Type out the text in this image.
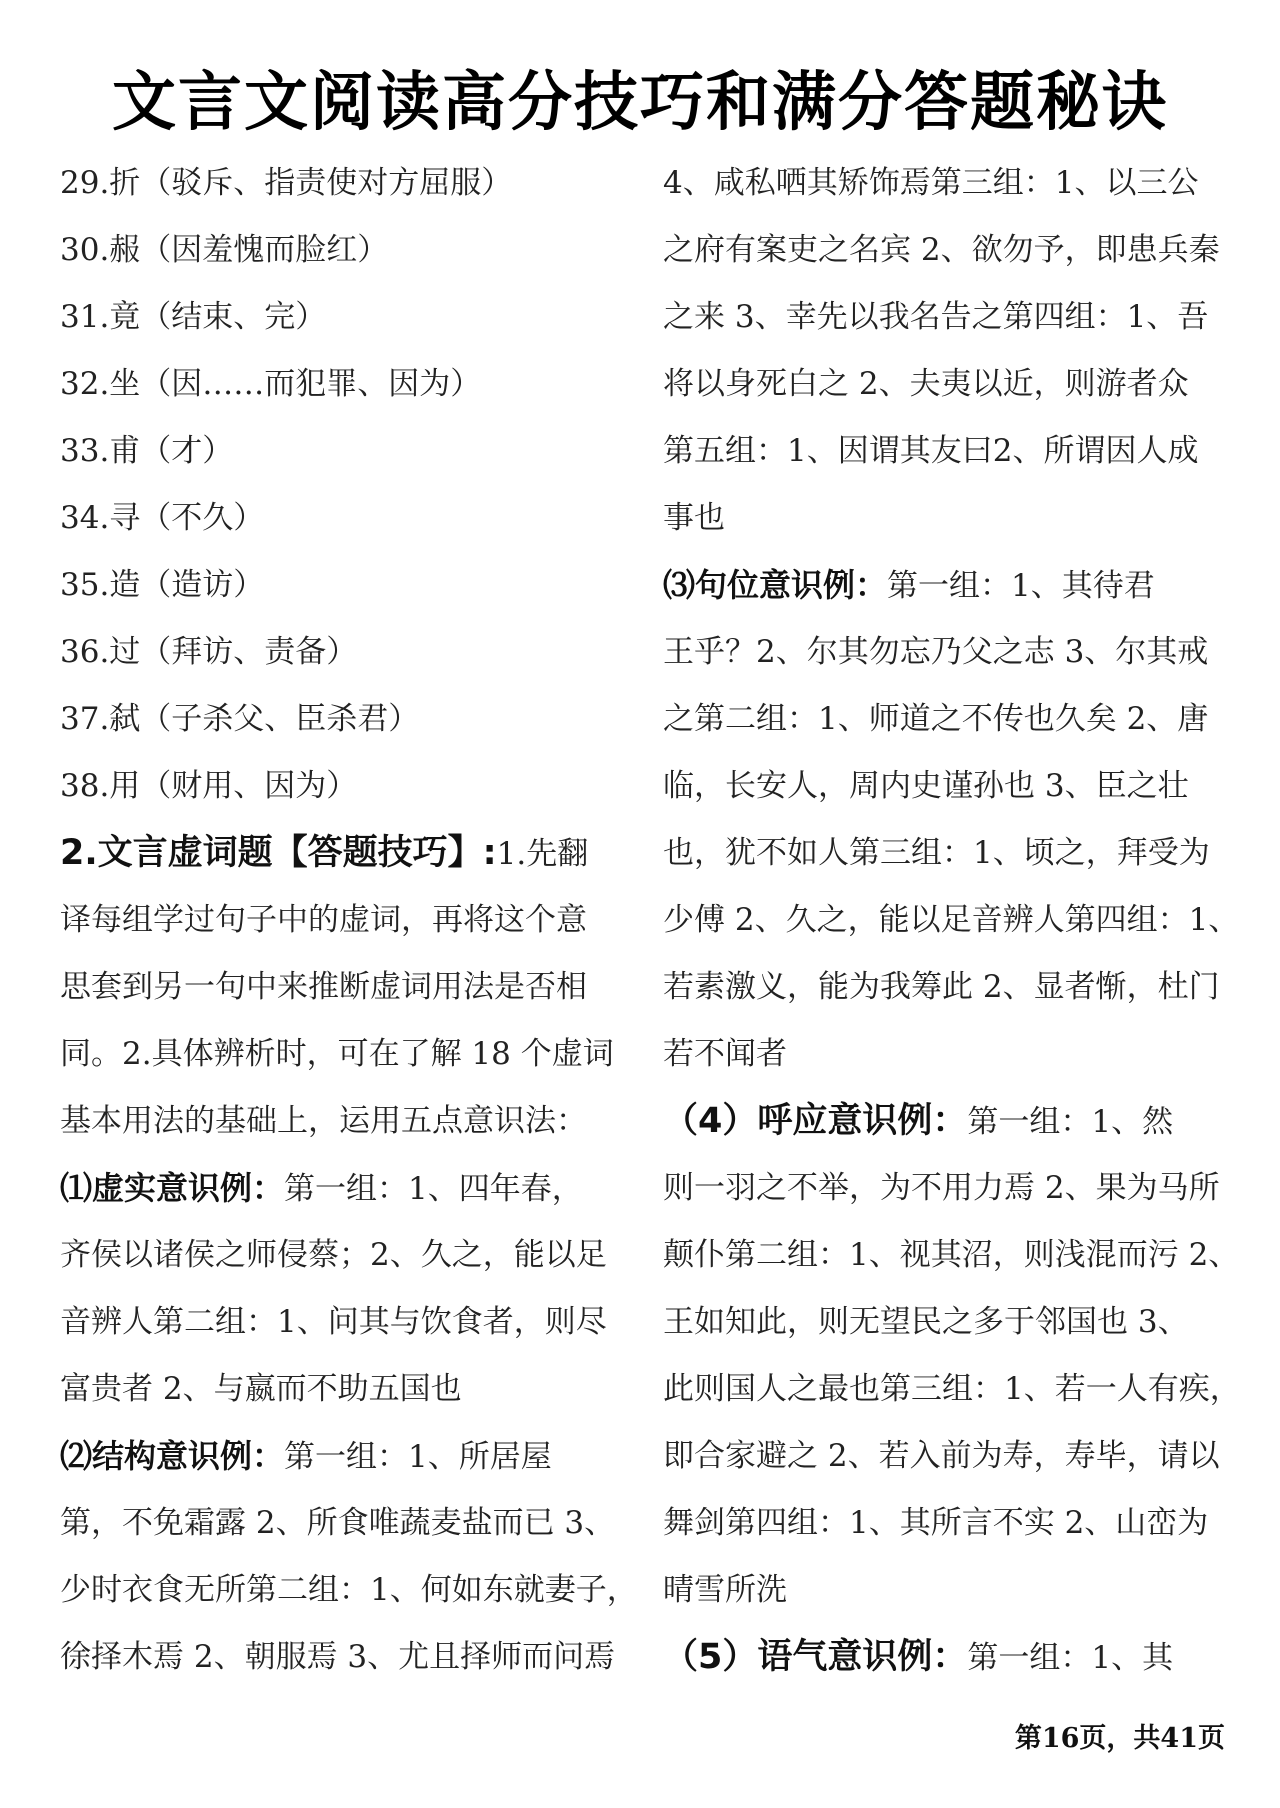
文言文阅读高分技巧和满分答题秘诀
29.折（驳斥、指责使对方屈服）
30.赧（因羞愧而脸红）
31.竟（结束、完）
32.坐（因……而犯罪、因为）
33.甫（才）
34.寻（不久）
35.造（造访）
36.过（拜访、责备）
37.弑（子杀父、臣杀君）
38.用（财用、因为）
2.文言虚词题【答题技巧】:1.先翻
译每组学过句子中的虚词，再将这个意
思套到另一句中来推断虚词用法是否相
同。2.具体辨析时，可在了解 18 个虚词
基本用法的基础上，运用五点意识法：
⑴虚实意识例：第一组：1、四年春，
齐侯以诸侯之师侵蔡；2、久之，能以足
音辨人第二组：1、问其与饮食者，则尽
富贵者 2、与嬴而不助五国也
⑵结构意识例：第一组：1、所居屋
第，不免霜露 2、所食唯蔬麦盐而已 3、
少时衣食无所第二组：1、何如东就妻子，
徐择木焉 2、朝服焉 3、尤且择师而问焉
4、咸私哂其矫饰焉第三组：1、以三公
之府有案吏之名宾 2、欲勿予，即患兵秦
之来 3、幸先以我名告之第四组：1、吾
将以身死白之 2、夫夷以近，则游者众
第五组：1、因谓其友曰2、所谓因人成
事也
⑶句位意识例：第一组：1、其待君
王乎？2、尔其勿忘乃父之志 3、尔其戒
之第二组：1、师道之不传也久矣 2、唐
临，长安人，周内史谨孙也 3、臣之壮
也，犹不如人第三组：1、顷之，拜受为
少傅 2、久之，能以足音辨人第四组：1、
若素激义，能为我筹此 2、显者惭，杜门
若不闻者
（4）呼应意识例：第一组：1、然
则一羽之不举，为不用力焉 2、果为马所
颠仆第二组：1、视其沼，则浅混而污 2、
王如知此，则无望民之多于邻国也 3、
此则国人之最也第三组：1、若一人有疾，
即合家避之 2、若入前为寿，寿毕，请以
舞剑第四组：1、其所言不实 2、山峦为
晴雪所洗
（5）语气意识例：第一组：1、其
第16页，共41页
